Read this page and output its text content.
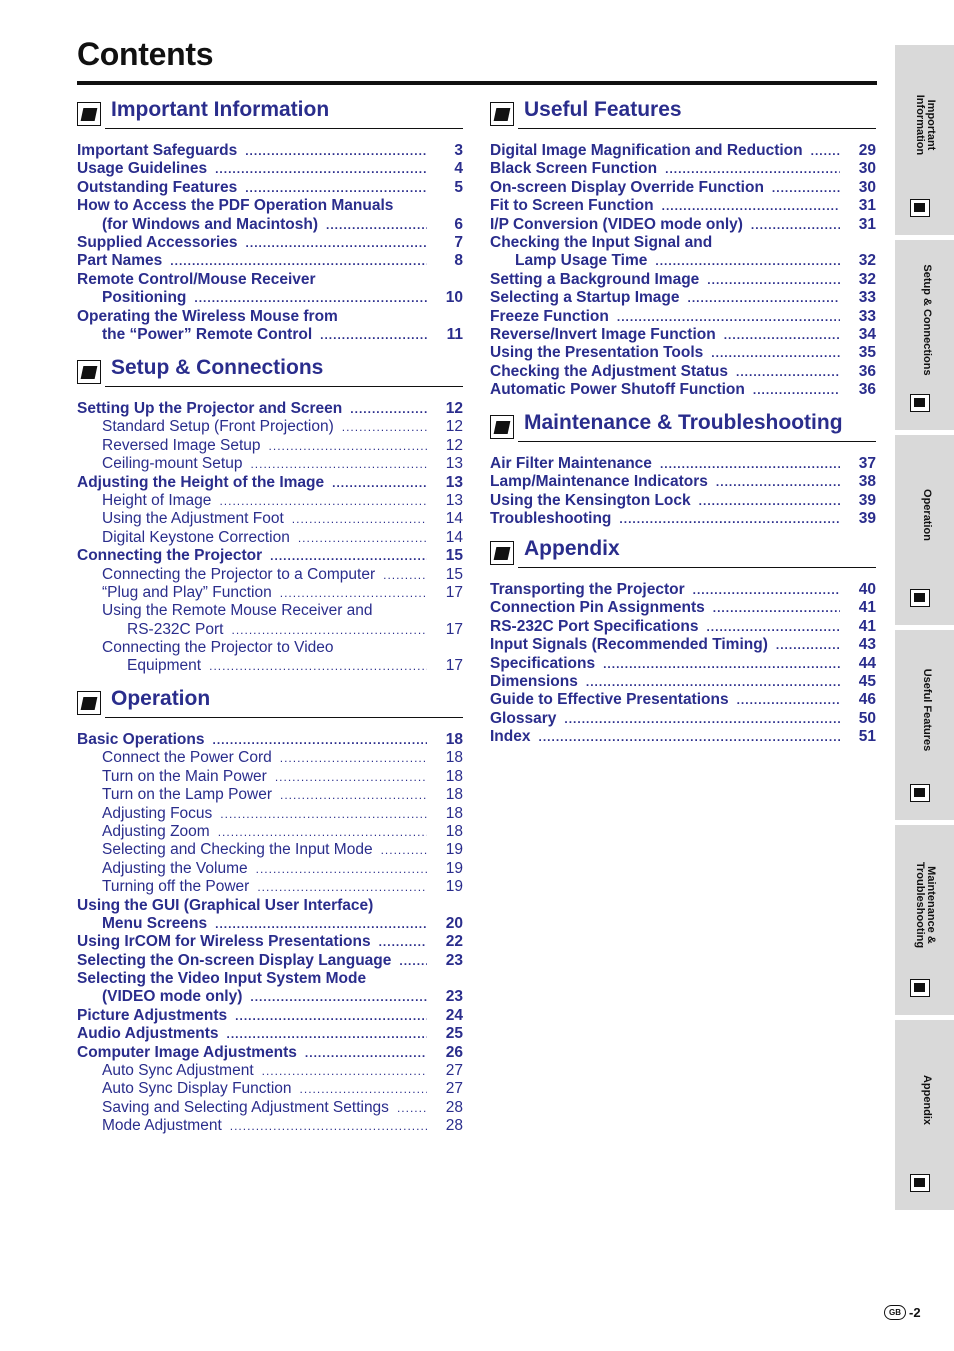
Contents
Important Information
Important Safeguards .....	3
Usage Guidelines .....	4
Outstanding Features .....	5
How to Access the PDF Operation Manuals
(for Windows and Macintosh) .....	6
Supplied Accessories .....	7
Part Names .....	8
Remote Control/Mouse Receiver
Positioning .....	10
Operating the Wireless Mouse from
the “Power” Remote Control .....	11
Setup & Connections
Setting Up the Projector and Screen .....	12
Standard Setup (Front Projection) .....	12
Reversed Image Setup .....	12
Ceiling-mount Setup .....	13
Adjusting the Height of the Image .....	13
Height of Image .....	13
Using the Adjustment Foot .....	14
Digital Keystone Correction .....	14
Connecting the Projector .....	15
Connecting the Projector to a Computer .....	15
“Plug and Play” Function .....	17
Using the Remote Mouse Receiver and
RS-232C Port .....	17
Connecting the Projector to Video
Equipment .....	17
Operation
Basic Operations .....	18
Connect the Power Cord .....	18
Turn on the Main Power .....	18
Turn on the Lamp Power .....	18
Adjusting Focus .....	18
Adjusting Zoom .....	18
Selecting and Checking the Input Mode .....	19
Adjusting the Volume .....	19
Turning off the Power .....	19
Using the GUI (Graphical User Interface)
Menu Screens .....	20
Using IrCOM for Wireless Presentations .....	22
Selecting the On-screen Display Language .....	23
Selecting the Video Input System Mode
(VIDEO mode only) .....	23
Picture Adjustments .....	24
Audio Adjustments .....	25
Computer Image Adjustments .....	26
Auto Sync Adjustment .....	27
Auto Sync Display Function .....	27
Saving and Selecting Adjustment Settings .....	28
Mode Adjustment .....	28
Useful Features
Digital Image Magnification and Reduction .....	29
Black Screen Function .....	30
On-screen Display Override Function .....	30
Fit to Screen Function .....	31
I/P Conversion (VIDEO mode only) .....	31
Checking the Input Signal and
Lamp Usage Time .....	32
Setting a Background Image .....	32
Selecting a Startup Image .....	33
Freeze Function .....	33
Reverse/Invert Image Function .....	34
Using the Presentation Tools .....	35
Checking the Adjustment Status .....	36
Automatic Power Shutoff Function .....	36
Maintenance & Troubleshooting
Air Filter Maintenance .....	37
Lamp/Maintenance Indicators .....	38
Using the Kensington Lock .....	39
Troubleshooting .....	39
Appendix
Transporting the Projector .....	40
Connection Pin Assignments .....	41
RS-232C Port Specifications .....	41
Input Signals (Recommended Timing) .....	43
Specifications .....	44
Dimensions .....	45
Guide to Effective Presentations .....	46
Glossary .....	50
Index .....	51
Important
Information
Setup & Connections
Operation
Useful Features
Maintenance &
Troubleshooting
Appendix
GB -2
